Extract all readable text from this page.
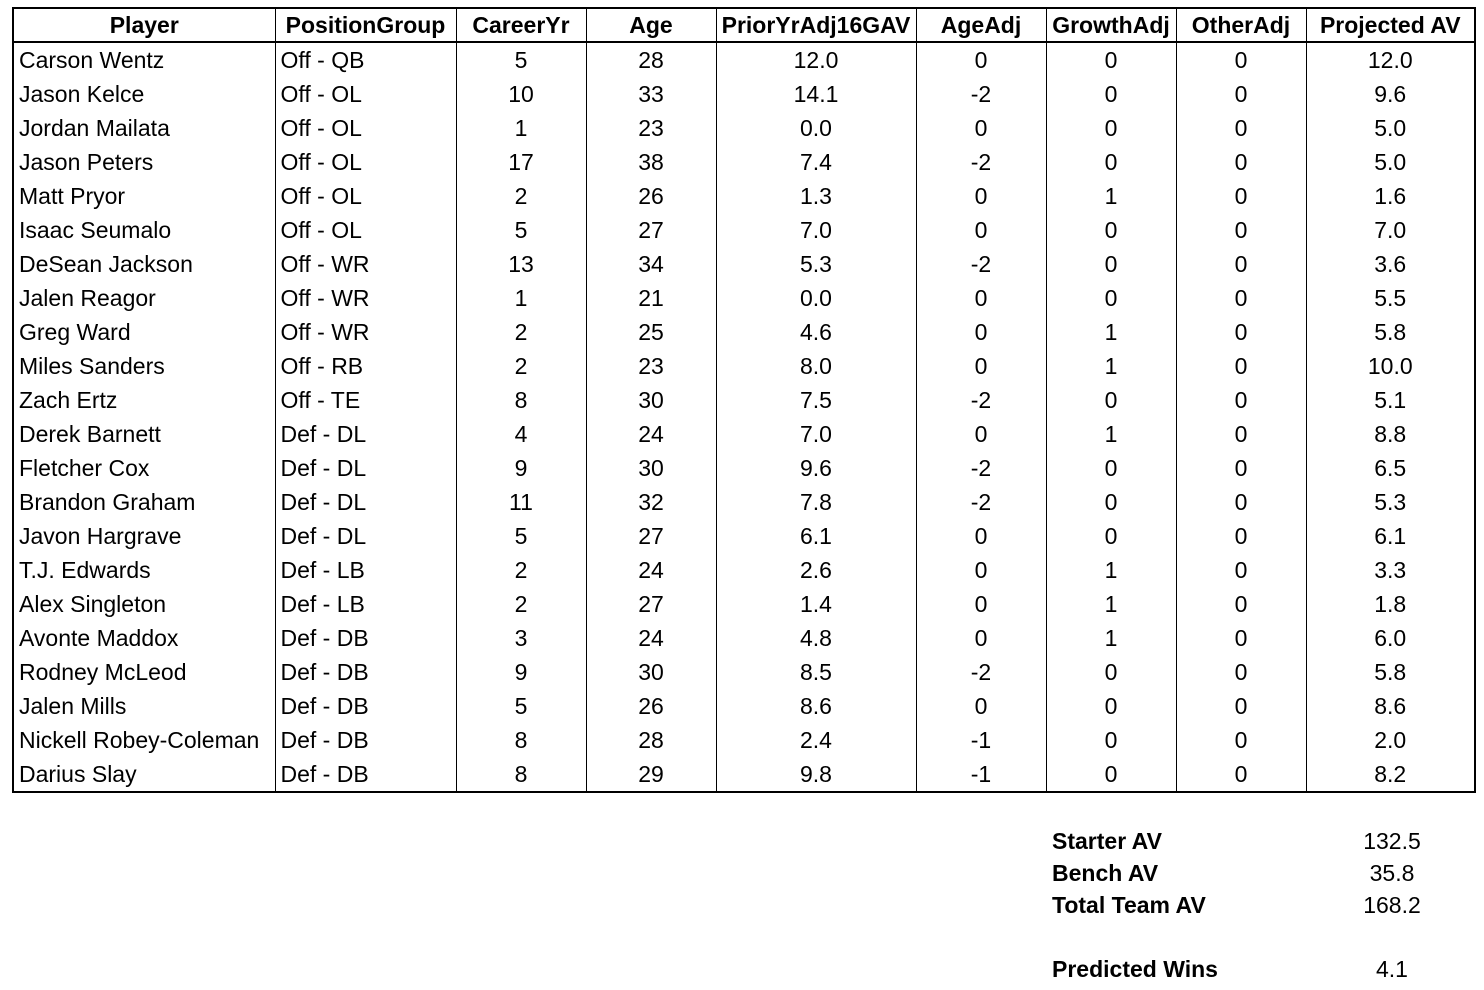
Player	PositionGroup	CareerYr	Age	PriorYrAdj16GAV	AgeAdj	GrowthAdj	OtherAdj	Projected AV
Carson Wentz	Off - QB	5	28	12.0	0	0	0	12.0
Jason Kelce	Off - OL	10	33	14.1	-2	0	0	9.6
Jordan Mailata	Off - OL	1	23	0.0	0	0	0	5.0
Jason Peters	Off - OL	17	38	7.4	-2	0	0	5.0
Matt Pryor	Off - OL	2	26	1.3	0	1	0	1.6
Isaac Seumalo	Off - OL	5	27	7.0	0	0	0	7.0
DeSean Jackson	Off - WR	13	34	5.3	-2	0	0	3.6
Jalen Reagor	Off - WR	1	21	0.0	0	0	0	5.5
Greg Ward	Off - WR	2	25	4.6	0	1	0	5.8
Miles Sanders	Off - RB	2	23	8.0	0	1	0	10.0
Zach Ertz	Off - TE	8	30	7.5	-2	0	0	5.1
Derek Barnett	Def - DL	4	24	7.0	0	1	0	8.8
Fletcher Cox	Def - DL	9	30	9.6	-2	0	0	6.5
Brandon Graham	Def - DL	11	32	7.8	-2	0	0	5.3
Javon Hargrave	Def - DL	5	27	6.1	0	0	0	6.1
T.J. Edwards	Def - LB	2	24	2.6	0	1	0	3.3
Alex Singleton	Def - LB	2	27	1.4	0	1	0	1.8
Avonte Maddox	Def - DB	3	24	4.8	0	1	0	6.0
Rodney McLeod	Def - DB	9	30	8.5	-2	0	0	5.8
Jalen Mills	Def - DB	5	26	8.6	0	0	0	8.6
Nickell Robey-Coleman	Def - DB	8	28	2.4	-1	0	0	2.0
Darius Slay	Def - DB	8	29	9.8	-1	0	0	8.2
Starter AV	132.5
Bench AV	35.8
Total Team AV	168.2
Predicted Wins	4.1
